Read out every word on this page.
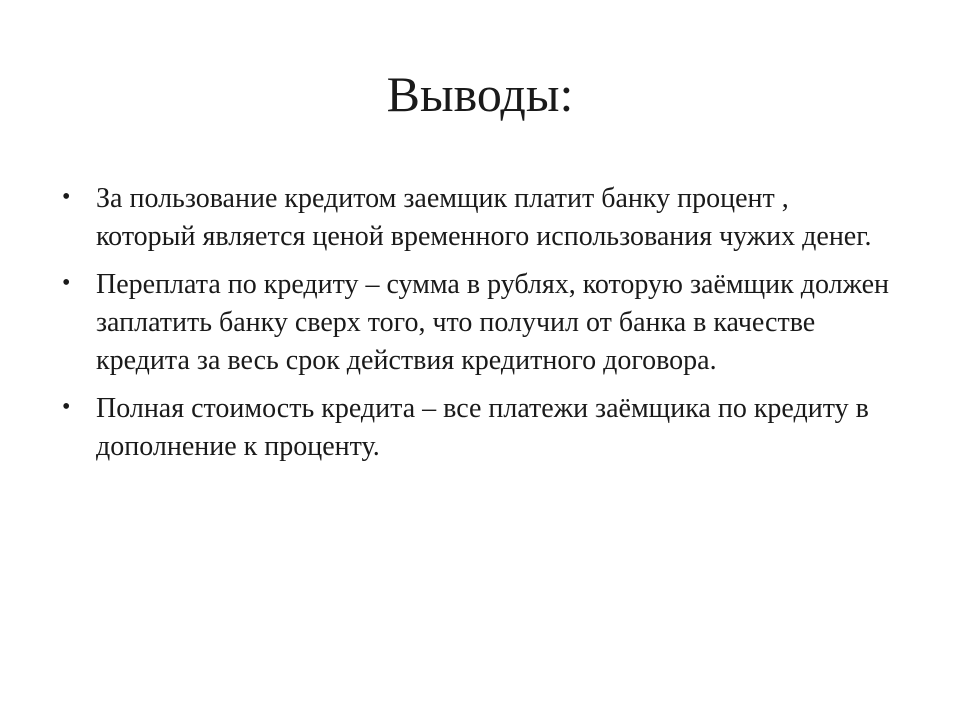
Выводы:
• За пользование кредитом заемщик платит банку процент , который является ценой временного использования чужих денег.
• Переплата по кредиту – сумма в рублях, которую заёмщик должен заплатить банку сверх того, что получил от банка в качестве кредита за весь срок действия кредитного договора.
• Полная стоимость кредита – все платежи заёмщика по кредиту в дополнение к проценту.
